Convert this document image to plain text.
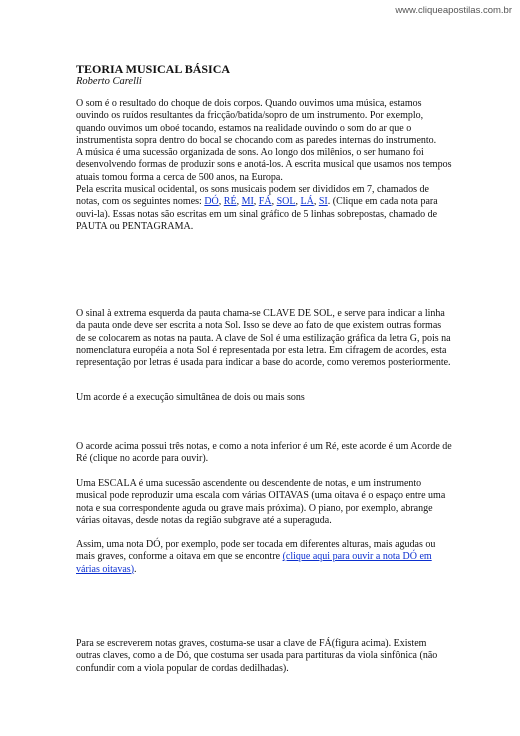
www.cliqueapostilas.com.br
TEORIA MUSICAL BÁSICA
Roberto Carelli

O som é o resultado do choque de dois corpos. Quando ouvimos uma música, estamos ouvindo os ruídos resultantes da fricção/batida/sopro de um instrumento. Por exemplo, quando ouvimos um oboé tocando, estamos na realidade ouvindo o som do ar que o instrumentista sopra dentro do bocal se chocando com as paredes internas do instrumento.

A música é uma sucessão organizada de sons. Ao longo dos milênios, o ser humano foi desenvolvendo formas de produzir sons e anotá-los. A escrita musical que usamos nos tempos atuais tomou forma a cerca de 500 anos, na Europa.

Pela escrita musical ocidental, os sons musicais podem ser divididos em 7, chamados de notas, com os seguintes nomes: DÓ, RÉ, MI, FÁ, SOL, LÁ, SI. (Clique em cada nota para ouvi-la). Essas notas são escritas em um sinal gráfico de 5 linhas sobrepostas, chamado de PAUTA ou PENTAGRAMA.

O sinal à extrema esquerda da pauta chama-se CLAVE DE SOL, e serve para indicar a linha da pauta onde deve ser escrita a nota Sol. Isso se deve ao fato de que existem outras formas de se colocarem as notas na pauta. A clave de Sol é uma estilização gráfica da letra G, pois na nomenclatura européia a nota Sol é representada por esta letra. Em cifragem de acordes, esta representação por letras é usada para indicar a base do acorde, como veremos posteriormente.

Um acorde é a execução simultânea de dois ou mais sons

O acorde acima possui três notas, e como a nota inferior é um Ré, este acorde é um Acorde de Ré (clique no acorde para ouvir).

Uma ESCALA é uma sucessão ascendente ou descendente de notas, e um instrumento musical pode reproduzir uma escala com várias OITAVAS (uma oitava é o espaço entre uma nota e sua correspondente aguda ou grave mais próxima). O piano, por exemplo, abrange várias oitavas, desde notas da região subgrave até a superaguda.

Assim, uma nota DÓ, por exemplo, pode ser tocada em diferentes alturas, mais agudas ou mais graves, conforme a oitava em que se encontre (clique aqui para ouvir a nota DÓ em várias oitavas).

Para se escreverem notas graves, costuma-se usar a clave de FÁ(figura acima). Existem outras claves, como a de Dó, que costuma ser usada para partituras da viola sinfônica (não confundir com a viola popular de cordas dedilhadas).
